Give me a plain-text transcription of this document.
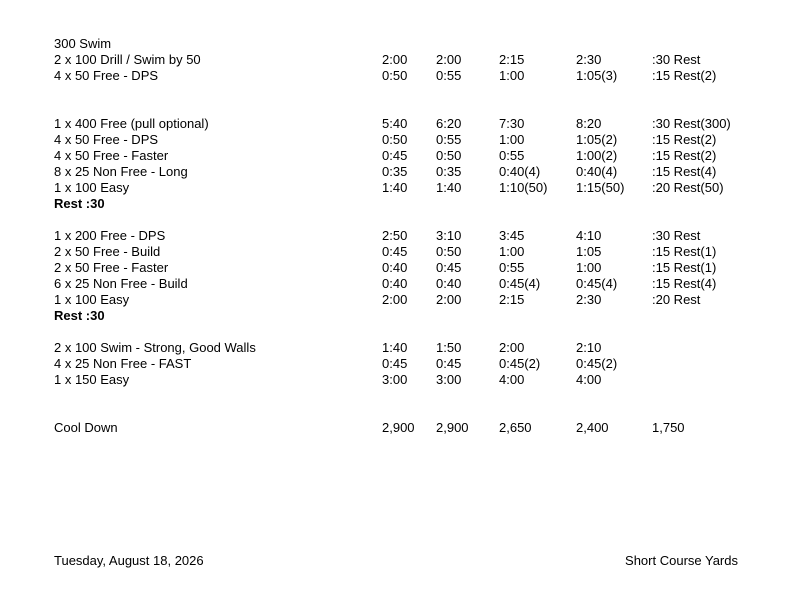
300 Swim
2 x 100 Drill / Swim by 50	2:00 2:00	2:15	2:30	:30 Rest
4 x 50 Free - DPS	0:50 0:55	1:00	1:05(3)	:15 Rest(2)
1 x 400 Free (pull optional)	5:40 6:20	7:30	8:20	:30 Rest(300)
4 x 50 Free - DPS	0:50 0:55	1:00	1:05(2)	:15 Rest(2)
4 x 50 Free - Faster	0:45 0:50	0:55	1:00(2)	:15 Rest(2)
8 x 25 Non Free - Long	0:35 0:35	0:40(4)	0:40(4)	:15 Rest(4)
1 x 100 Easy	1:40 1:40	1:10(50) 1:15(50) :20 Rest(50)
Rest :30
1 x 200 Free - DPS	2:50 3:10	3:45	4:10	:30 Rest
2 x 50 Free - Build	0:45 0:50	1:00	1:05	:15 Rest(1)
2 x 50 Free - Faster	0:40 0:45	0:55	1:00	:15 Rest(1)
6 x 25 Non Free - Build	0:40 0:40	0:45(4)	0:45(4)	:15 Rest(4)
1 x 100 Easy	2:00 2:00	2:15	2:30	:20 Rest
Rest :30
2 x 100 Swim - Strong, Good Walls	1:40 1:50	2:00	2:10
4 x 25 Non Free - FAST	0:45 0:45	0:45(2)	0:45(2)
1 x 150 Easy	3:00 3:00	4:00	4:00
Cool Down	2,900 2,900 2,650	2,400	1,750
Tuesday, August 18, 2026	Short Course Yards
